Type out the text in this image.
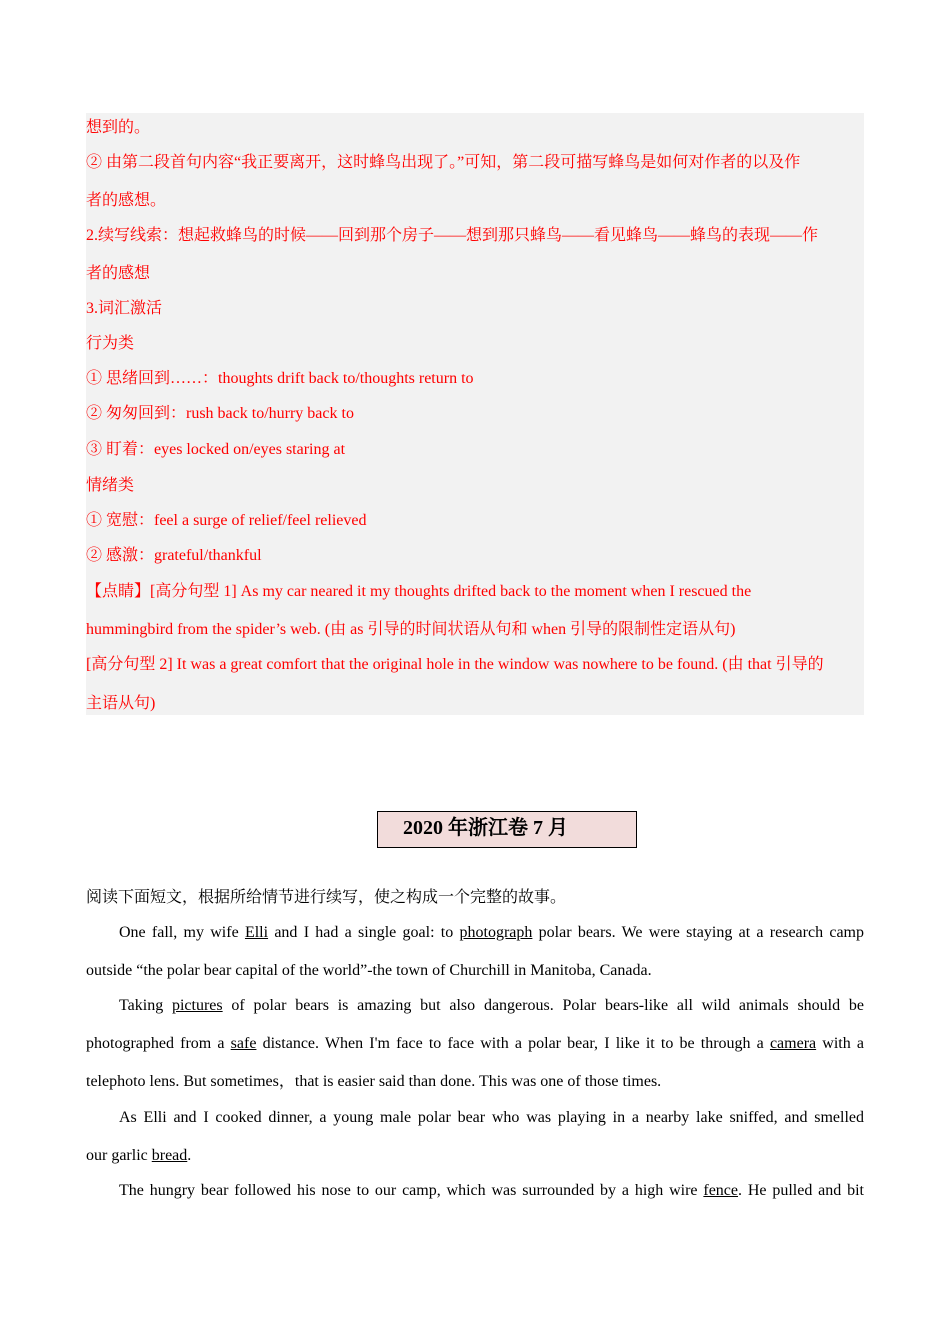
想到的。
② 由第二段首句内容“我正要离开，这时蜂鸟出现了。”可知，第二段可描写蜂鸟是如何对作者的以及作
者的感想。
2.续写线索：想起救蜂鸟的时候——回到那个房子——想到那只蜂鸟——看见蜂鸟——蜂鸟的表现——作
者的感想
3.词汇激活
行为类
① 思绪回到……：thoughts drift back to/thoughts return to
② 匆匆回到：rush back to/hurry back to
③ 盯着：eyes locked on/eyes staring at
情绪类
① 宽慰：feel a surge of relief/feel relieved
② 感激：grateful/thankful
【点睛】[高分句型 1] As my car neared it my thoughts drifted back to the moment when I rescued the
hummingbird from the spider’s web. (由 as 引导的时间状语从句和 when 引导的限制性定语从句)
[高分句型 2] It was a great comfort that the original hole in the window was nowhere to be found. (由 that 引导的
主语从句)
2020 年浙江卷 7 月
阅读下面短文，根据所给情节进行续写，使之构成一个完整的故事。
One fall, my wife Elli and I had a single goal: to photograph polar bears. We were staying at a research camp
outside “the polar bear capital of the world”-the town of Churchill in Manitoba, Canada.
Taking pictures of polar bears is amazing but also dangerous. Polar bears-like all wild animals should be
photographed from a safe distance. When I'm face to face with a polar bear, I like it to be through a camera with a
telephoto lens. But sometimes，that is easier said than done. This was one of those times.
As Elli and I cooked dinner, a young male polar bear who was playing in a nearby lake sniffed, and smelled
our garlic bread.
The hungry bear followed his nose to our camp, which was surrounded by a high wire fence. He pulled and bit
